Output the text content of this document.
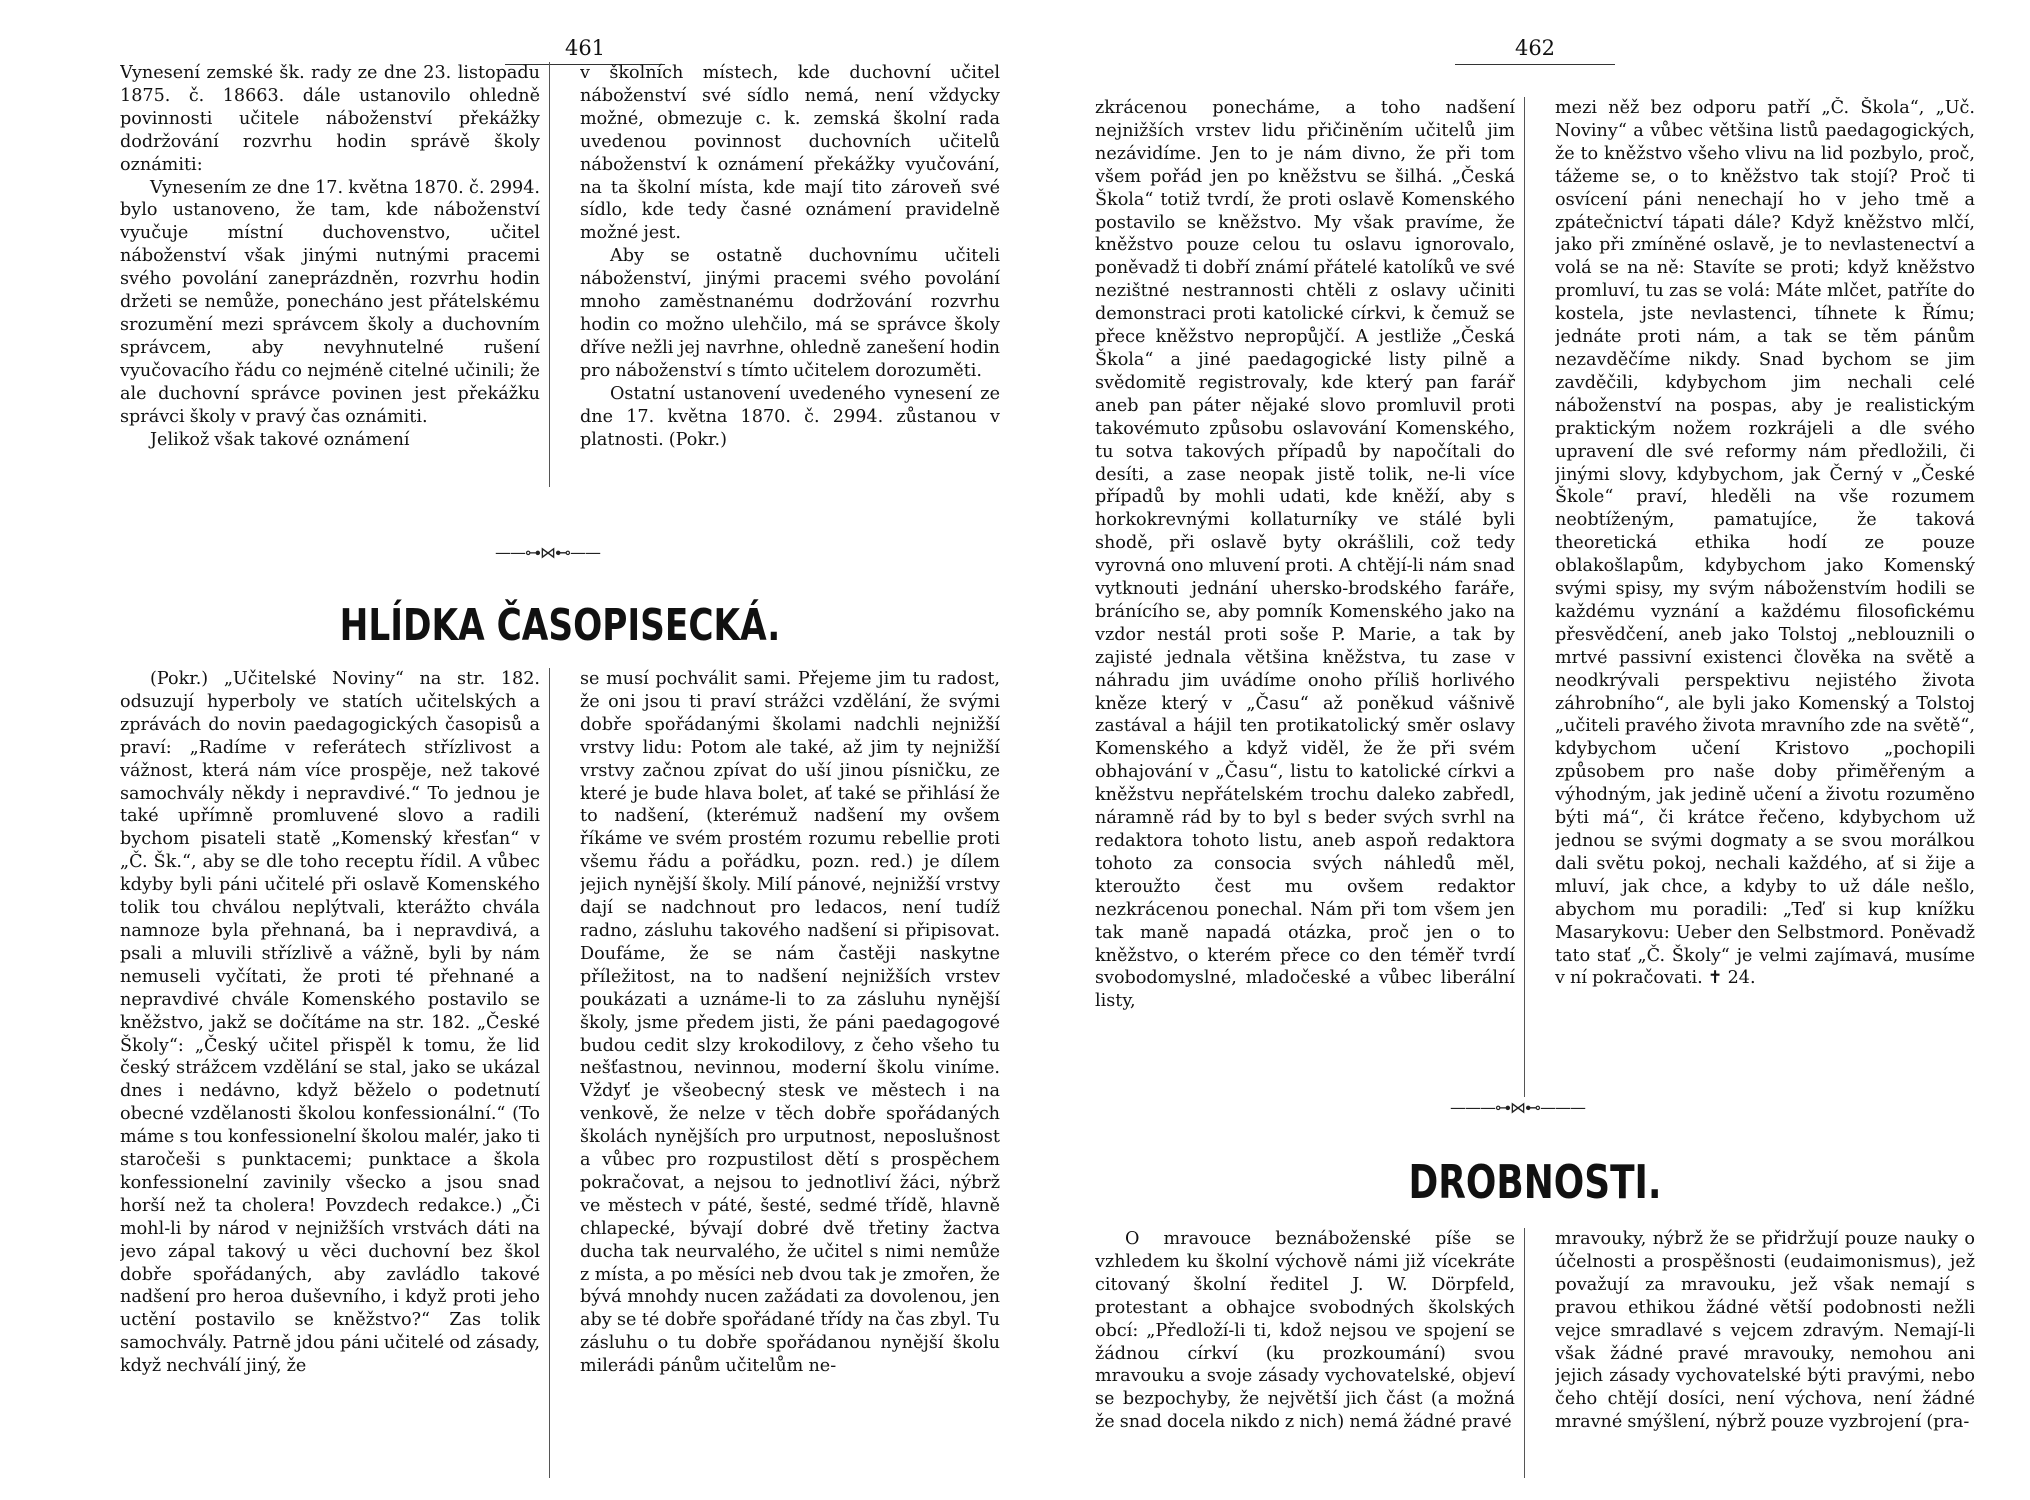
461

Vynesení zemské šk. rady ze dne 23. listopadu 1875. č. 18663. dále ustanovilo ohledně povinnosti učitele náboženství překážky dodržování rozvrhu hodin správě školy oznámiti:

Vynesením ze dne 17. května 1870. č. 2994. bylo ustanoveno, že tam, kde náboženství vyučuje místní duchovenstvo, učitel náboženství však jinými nutnými pracemi svého povolání zaneprázdněn, rozvrhu hodin držeti se nemůže, ponecháno jest přátelskému srozumění mezi správcem školy a duchovním správcem, aby nevyhnutelné rušení vyučovacího řádu co nejméně citelné učinili; že ale duchovní správce povinen jest překážku správci školy v pravý čas oznámiti.

Jelikož však takové oznámení

v školních místech, kde duchovní učitel náboženství své sídlo nemá, není vždycky možné, obmezuje c. k. zemská školní rada uvedenou povinnost duchovních učitelů náboženství k oznámení překážky vyučování, na ta školní místa, kde mají tito zároveň své sídlo, kde tedy časné oznámení pravidelně možné jest.

Aby se ostatně duchovnímu učiteli náboženství, jinými pracemi svého povolání mnoho zaměstnanému dodržování rozvrhu hodin co možno ulehčilo, má se správce školy dříve nežli jej navrhne, ohledně zanešení hodin pro náboženství s tímto učitelem dorozuměti.

Ostatní ustanovení uvedeného vynesení ze dne 17. května 1870. č. 2994. zůstanou v platnosti. (Pokr.)

——⊶⋈⊷——
HLÍDKA ČASOPISECKÁ.

(Pokr.) „Učitelské Noviny“ na str. 182. odsuzují hyperboly ve statích učitelských a zprávách do novin paedagogických časopisů a praví: „Radíme v referátech střízlivost a vážnost, která nám více prospěje, než takové samochvály někdy i nepravdivé.“ To jednou je také upřímně promluvené slovo a radili bychom pisateli statě „Komenský křesťan“ v „Č. Šk.“, aby se dle toho receptu řídil. A vůbec kdyby byli páni učitelé při oslavě Komenského tolik tou chválou neplýtvali, kterážto chvála namnoze byla přehnaná, ba i nepravdivá, a psali a mluvili střízlivě a vážně, byli by nám nemuseli vyčítati, že proti té přehnané a nepravdivé chvále Komenského postavilo se kněžstvo, jakž se dočítáme na str. 182. „České Školy“: „Český učitel přispěl k tomu, že lid český strážcem vzdělání se stal, jako se ukázal dnes i nedávno, když běželo o podetnutí obecné vzdělanosti školou konfessionální.“ (To máme s tou konfessionelní školou malér, jako ti staročeši s punktacemi; punktace a škola konfessionelní zavinily všecko a jsou snad horší než ta cholera! Povzdech redakce.) „Či mohl-li by národ v nejnižších vrstvách dáti na jevo zápal takový u věci duchovní bez škol dobře spořádaných, aby zavládlo takové nadšení pro heroa duševního, i když proti jeho uctění postavilo se kněžstvo?“ Zas tolik samochvály. Patrně jdou páni učitelé od zásady, když nechválí jiný, že

se musí pochválit sami. Přejeme jim tu radost, že oni jsou ti praví strážci vzdělání, že svými dobře spořádanými školami nadchli nejnižší vrstvy lidu: Potom ale také, až jim ty nejnižší vrstvy začnou zpívat do uší jinou písničku, ze které je bude hlava bolet, ať také se přihlásí že to nadšení, (kterémuž nadšení my ovšem říkáme ve svém prostém rozumu rebellie proti všemu řádu a pořádku, pozn. red.) je dílem jejich nynější školy. Milí pánové, nejnižší vrstvy dají se nadchnout pro ledacos, není tudíž radno, zásluhu takového nadšení si připisovat. Doufáme, že se nám častěji naskytne příležitost, na to nadšení nejnižších vrstev poukázati a uznáme-li to za zásluhu nynější školy, jsme předem jisti, že páni paedagogové budou cedit slzy krokodilovy, z čeho všeho tu nešťastnou, nevinnou, moderní školu viníme. Vždyť je všeobecný stesk ve městech i na venkově, že nelze v těch dobře spořádaných školách nynějších pro urputnost, neposlušnost a vůbec pro rozpustilost dětí s prospěchem pokračovat, a nejsou to jednotliví žáci, nýbrž ve městech v páté, šesté, sedmé třídě, hlavně chlapecké, bývají dobré dvě třetiny žactva ducha tak neurvalého, že učitel s nimi nemůže z místa, a po měsíci neb dvou tak je zmořen, že bývá mnohdy nucen zažádati za dovolenou, jen aby se té dobře spořádané třídy na čas zbyl. Tu zásluhu o tu dobře spořádanou nynější školu milerádi pánům učitelům ne-

462

zkrácenou ponecháme, a toho nadšení nejnižších vrstev lidu přičiněním učitelů jim nezávidíme. Jen to je nám divno, že při tom všem pořád jen po kněžstvu se šilhá. „Česká Škola“ totiž tvrdí, že proti oslavě Komenského postavilo se kněžstvo. My však pravíme, že kněžstvo pouze celou tu oslavu ignorovalo, poněvadž ti dobří známí přátelé katolíků ve své nezištné nestrannosti chtěli z oslavy učiniti demonstraci proti katolické církvi, k čemuž se přece kněžstvo nepropůjčí. A jestliže „Česká Škola“ a jiné paedagogické listy pilně a svědomitě registrovaly, kde který pan farář aneb pan páter nějaké slovo promluvil proti takovémuto způsobu oslavování Komenského, tu sotva takových případů by napočítali do desíti, a zase neopak jistě tolik, ne-li více případů by mohli udati, kde kněží, aby s horkokrevnými kollaturníky ve stálé byli shodě, při oslavě byty okrášlili, což tedy vyrovná ono mluvení proti. A chtějí-li nám snad vytknouti jednání uhersko-brodského faráře, bránícího se, aby pomník Komenského jako na vzdor nestál proti soše P. Marie, a tak by zajisté jednala většina kněžstva, tu zase v náhradu jim uvádíme onoho příliš horlivého kněze který v „Času“ až poněkud vášnivě zastával a hájil ten protikatolický směr oslavy Komenského a když viděl, že že při svém obhajování v „Času“, listu to katolické církvi a kněžstvu nepřátelském trochu daleko zabředl, náramně rád by to byl s beder svých svrhl na redaktora tohoto listu, aneb aspoň redaktora tohoto za consocia svých náhledů měl, kteroužto čest mu ovšem redaktor nezkrácenou ponechal. Nám při tom všem jen tak maně napadá otázka, proč jen o to kněžstvo, o kterém přece co den téměř tvrdí svobodomyslné, mladočeské a vůbec liberální listy,

mezi něž bez odporu patří „Č. Škola“, „Uč. Noviny“ a vůbec většina listů paedagogických, že to kněžstvo všeho vlivu na lid pozbylo, proč, tážeme se, o to kněžstvo tak stojí? Proč ti osvícení páni nenechají ho v jeho tmě a zpátečnictví tápati dále? Když kněžstvo mlčí, jako při zmíněné oslavě, je to nevlastenectví a volá se na ně: Stavíte se proti; když kněžstvo promluví, tu zas se volá: Máte mlčet, patříte do kostela, jste nevlastenci, tíhnete k Římu; jednáte proti nám, a tak se těm pánům nezavděčíme nikdy. Snad bychom se jim zavděčili, kdybychom jim nechali celé náboženství na pospas, aby je realistickým praktickým nožem rozkrájeli a dle svého upravení dle své reformy nám předložili, či jinými slovy, kdybychom, jak Černý v „České Škole“ praví, hleděli na vše rozumem neobtíženým, pamatujíce, že taková theoretická ethika hodí ze pouze oblakošlapům, kdybychom jako Komenský svými spisy, my svým náboženstvím hodili se každému vyznání a každému filosofickému přesvědčení, aneb jako Tolstoj „neblouznili o mrtvé passivní existenci člověka na světě a neodkrývali perspektivu nejistého života záhrobního“, ale byli jako Komenský a Tolstoj „učiteli pravého života mravního zde na světě“, kdybychom učení Kristovo „pochopili způsobem pro naše doby přiměřeným a výhodným, jak jedině učení a životu rozuměno býti má“, či krátce řečeno, kdybychom už jednou se svými dogmaty a se svou morálkou dali světu pokoj, nechali každého, ať si žije a mluví, jak chce, a kdyby to už dále nešlo, abychom mu poradili: „Teď si kup knížku Masarykovu: Ueber den Selbstmord. Poněvadž tato stať „Č. Školy“ je velmi zajímavá, musíme v ní pokračovati. ✝ 24.

———⊶⋈⊷———
DROBNOSTI.

O mravouce beznáboženské píše se vzhledem ku školní výchově námi již vícekráte citovaný školní ředitel J. W. Dörpfeld, protestant a obhajce svobodných školských obcí: „Předloží-li ti, kdož nejsou ve spojení se žádnou církví (ku prozkoumání) svou mravouku a svoje zásady vychovatelské, objeví se bezpochyby, že největší jich část (a možná že snad docela nikdo z nich) nemá žádné pravé

mravouky, nýbrž že se přidržují pouze nauky o účelnosti a prospěšnosti (eudaimonismus), jež považují za mravouku, jež však nemají s pravou ethikou žádné větší podobnosti nežli vejce smradlavé s vejcem zdravým. Nemají-li však žádné pravé mravouky, nemohou ani jejich zásady vychovatelské býti pravými, nebo čeho chtějí dosíci, není výchova, není žádné mravné smýšlení, nýbrž pouze vyzbrojení (pra-
